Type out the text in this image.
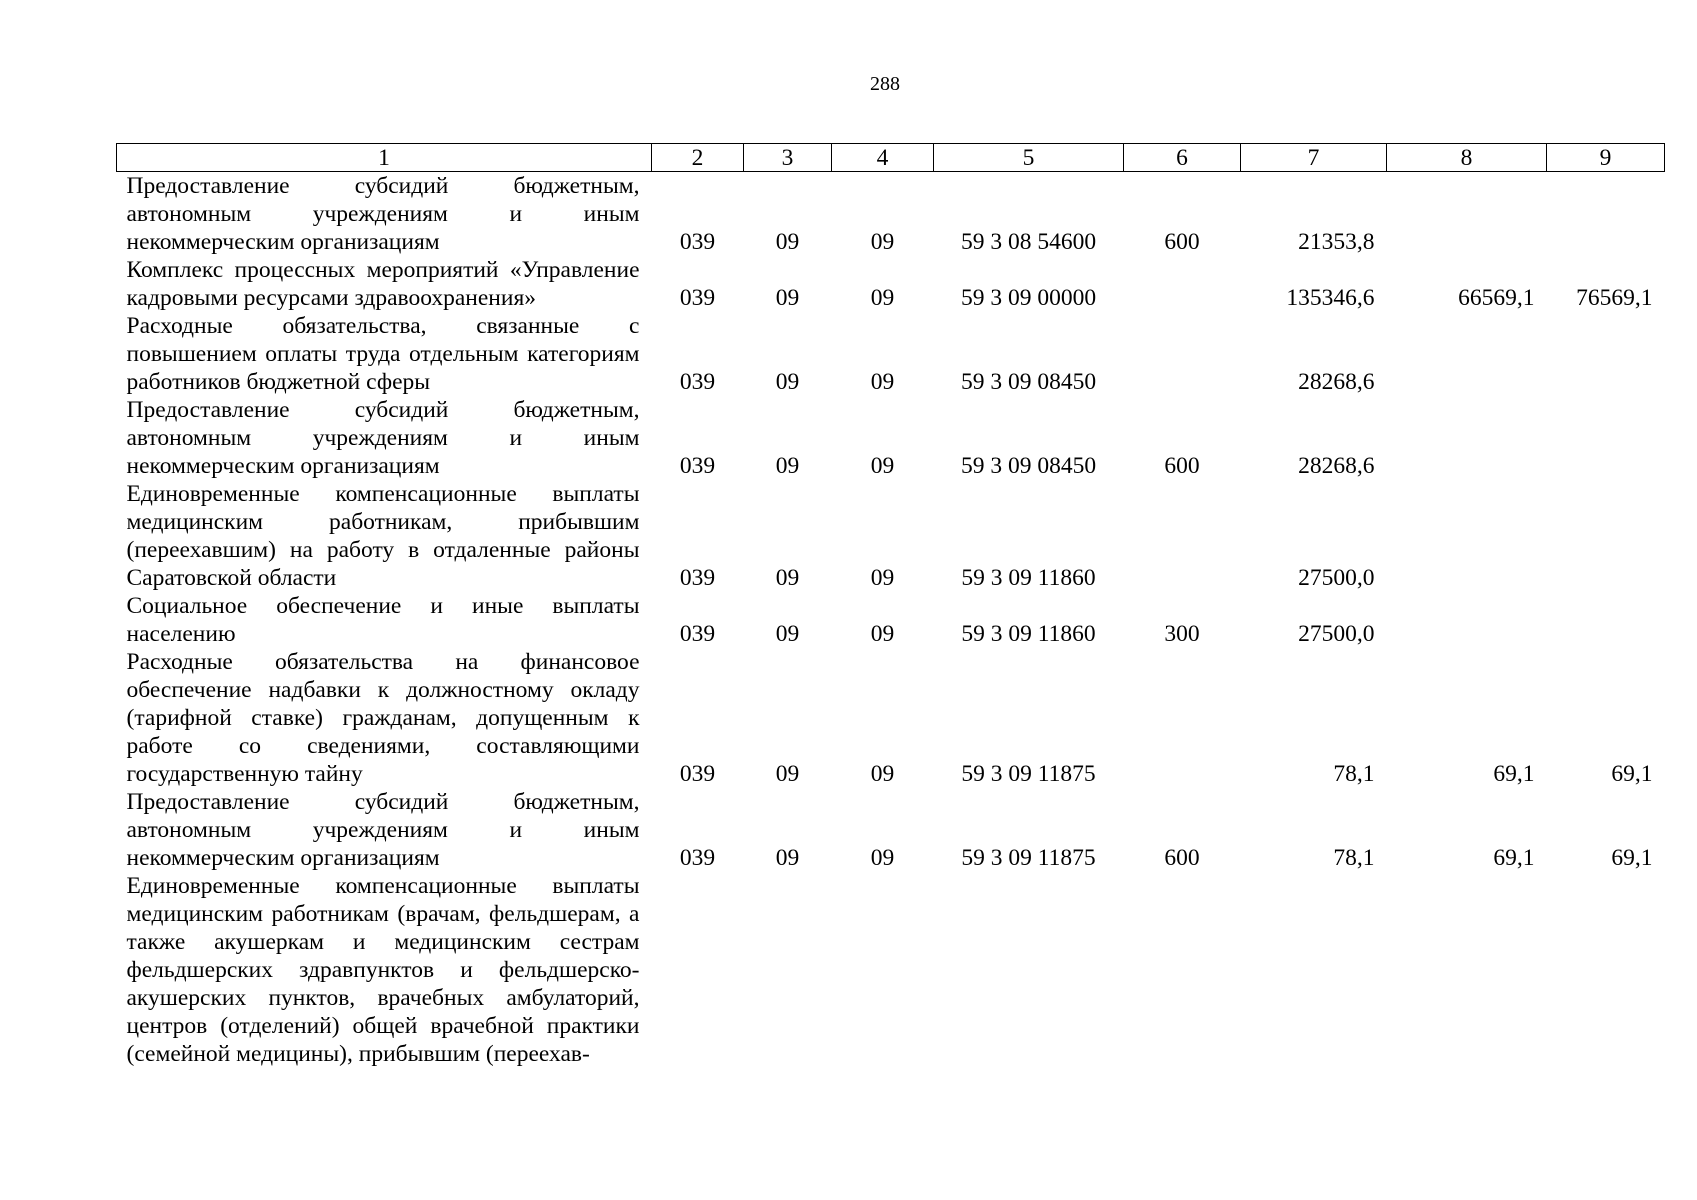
288
1	2	3	4	5	6	7	8	9
Предоставление субсидий бюджетным, автономным учреждениям и иным некоммерческим организациям	039	09	09	59 3 08 54600	600	21353,8		
Комплекс процессных мероприятий «Управление кадровыми ресурсами здравоохранения»	039	09	09	59 3 09 00000		135346,6	66569,1	76569,1
Расходные обязательства, связанные с повышением оплаты труда отдельным категориям работников бюджетной сферы	039	09	09	59 3 09 08450		28268,6		
Предоставление субсидий бюджетным, автономным учреждениям и иным некоммерческим организациям	039	09	09	59 3 09 08450	600	28268,6		
Единовременные компенсационные выплаты медицинским работникам, прибывшим (переехавшим) на работу в отдаленные районы Саратовской области	039	09	09	59 3 09 11860		27500,0		
Социальное обеспечение и иные выплаты населению	039	09	09	59 3 09 11860	300	27500,0		
Расходные обязательства на финансовое обеспечение надбавки к должностному окладу (тарифной ставке) гражданам, допущенным к работе со сведениями, составляющими государственную тайну	039	09	09	59 3 09 11875		78,1	69,1	69,1
Предоставление субсидий бюджетным, автономным учреждениям и иным некоммерческим организациям	039	09	09	59 3 09 11875	600	78,1	69,1	69,1
Единовременные компенсационные выплаты медицинским работникам (врачам, фельдшерам, а также акушеркам и медицинским сестрам фельдшерских здравпунктов и фельдшерско-акушерских пунктов, врачебных амбулаторий, центров (отделений) общей врачебной практики (семейной медицины), прибывшим (переехав-								
